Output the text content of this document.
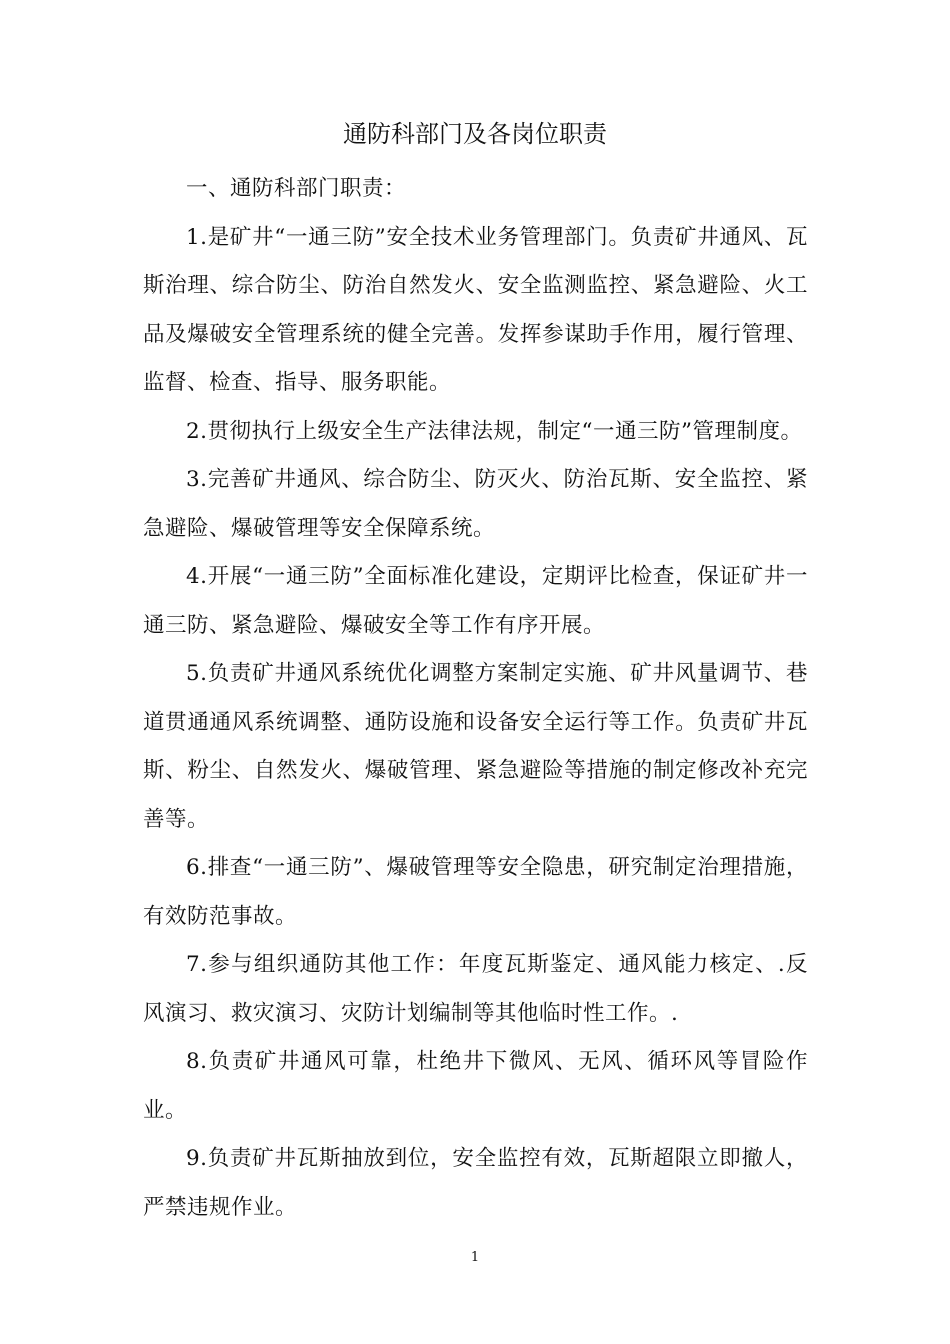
通防科部门及各岗位职责

一、通防科部门职责：

1.是矿井“一通三防”安全技术业务管理部门。负责矿井通风、瓦斯治理、综合防尘、防治自然发火、安全监测监控、紧急避险、火工品及爆破安全管理系统的健全完善。发挥参谋助手作用，履行管理、监督、检查、指导、服务职能。

2.贯彻执行上级安全生产法律法规，制定“一通三防”管理制度。

3.完善矿井通风、综合防尘、防灭火、防治瓦斯、安全监控、紧急避险、爆破管理等安全保障系统。

4.开展“一通三防”全面标准化建设，定期评比检查，保证矿井一通三防、紧急避险、爆破安全等工作有序开展。

5.负责矿井通风系统优化调整方案制定实施、矿井风量调节、巷道贯通通风系统调整、通防设施和设备安全运行等工作。负责矿井瓦斯、粉尘、自然发火、爆破管理、紧急避险等措施的制定修改补充完善等。

6.排查“一通三防”、爆破管理等安全隐患，研究制定治理措施，有效防范事故。

7.参与组织通防其他工作：年度瓦斯鉴定、通风能力核定、.反风演习、救灾演习、灾防计划编制等其他临时性工作。.

8.负责矿井通风可靠，杜绝井下微风、无风、循环风等冒险作业。

9.负责矿井瓦斯抽放到位，安全监控有效，瓦斯超限立即撤人，严禁违规作业。

1
